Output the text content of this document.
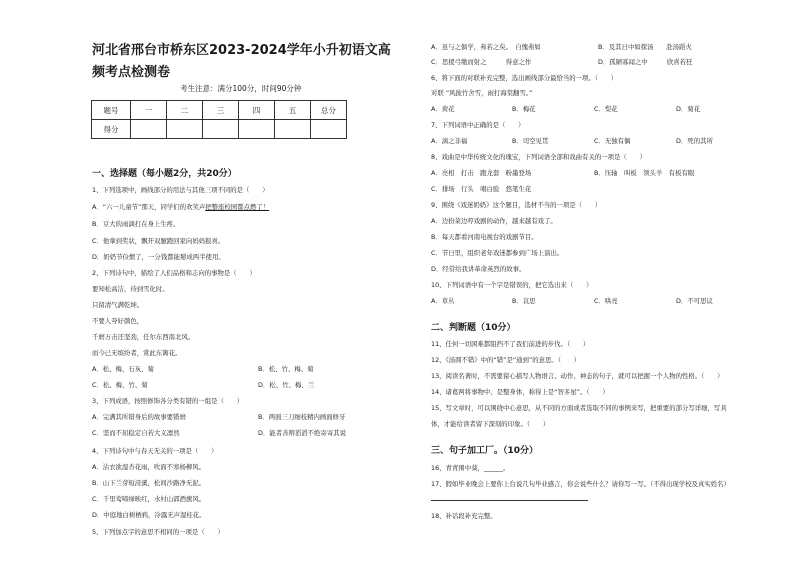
河北省邢台市桥东区2023-2024学年小升初语文高频考点检测卷
考生注意：满分100分，时间90分钟
题号	一	二	三	四	五	总分
得分						
一、选择题（每小题2分，共20分）
1、下列选项中，画线部分的用法与其他三项不同的是（　　）
A．“六一儿童节”那天，同学们的欢笑声把整座校园都点燃了！
B．豆大的雨滴打在身上生疼。
C．他拿到奖状，飘开双臆跑回家向妈妈报喜。
D．奶奶节俭惯了，一分钱都能掰成两半使用。
2、下列诗句中，描绘了人们品格和志向的事物是（　　）
要知松高洁，待到雪化时。
只留清气满乾坤。
不要人夸好颜色，
千磨万击还坚劲，任尔东西南北风。
而今已无缤纷者，赏此东篱花。
A．松、梅、石灰、菊	B．松、竹、梅、菊
C．松、梅、竹、菊	D．松、竹、梅、兰
3、下列成语，按照修饰各分类有错的一组是（　　）
A．完满其所错身后的故事要错磨	B．两面三刀细枝精内画面修牙
C．坚而不屈稳定自若大义凛然	D．能者善辩滔滔不绝寄寄其说
4、下列诗句中与春天无关的一项是（　　）
A．沾衣欲湿杏花雨，吹面不寒杨柳风。
B．山下兰芽短浸溪，松间沙路净无泥。
C．千里莺啼绿映红，水村山郭酒旗风。
D．中庭地白树栖鸦，冷露无声湿桂花。
5、下列加点字的意思不相同的一项是（　　）
A．虽与之俱学，弗若之矣。　自愧弗如	B．及其日中如探汤　　赴汤蹈火
C．思援弓缴而射之　　　得意之作	D．孤陋寡闻之中　　　欣喜若狂
6、将下面的对联补充完整，选出画线部分最恰当的一项。（　　）
对联 “风拢竹舍雪，雨打海棠翻雪。”
A．荷花	B．梅花	C．梨花	D．菊花
7、下列词语中正确的是（　　）
A．滴之非福	B．司空见贯	C．无独有偶	D．死的其所
8、戏曲是中华传统文化的瑰宝，下列词语全部和戏曲有关的一项是（　　）
A．亮相　打击　跑龙套　粉墨登场	B．压轴　叫板　领头羊　有板有眼
C．排场　行头　唱白脸　悠笔生花
9、围绕《戏迷奶奶》这个题目，选材不当的一项是（　　）
A．边扮菜边哼戏剧的动作，越来越有戏了。
B．每天都看河南电视台的戏剧节目。
C．节日里，组织老年戏迷都参到广场上演出。
D．经常给我讲革命英烈的故事。
10、下列词语中有一个字是错误的，把它选出来（　　）
A．草丛	B．哀思	C．哄亮	D．不可思议
二、判断题（10分）
11、任何一切困难都阻挡不了我们前进的步伐。（　　）
12、《汤圆不错》中的“错”是“通到”的意思。（　　）
13、阅读名著时，不需要留心描写人物语言、动作、神态的句子，就可以把握一个人物的性格。（　　）
14、诸葛两将事物中、是整身体，称得上是“智多星”。（　　）
15、写文章时，可以围绕中心意思，从不同的方面或者选取不同的事例来写，把重要的部分写详细，写具
体，才能给读者留下深刻的印象。（　　）
三、句子加工厂。（10分）
16、青青围中葵，______。
17、假如毕业晚会上要你上台说几句毕业感言，你会说些什么？请你写一写。（不得出现学校及真实姓名）
18、补话段补充完整。
